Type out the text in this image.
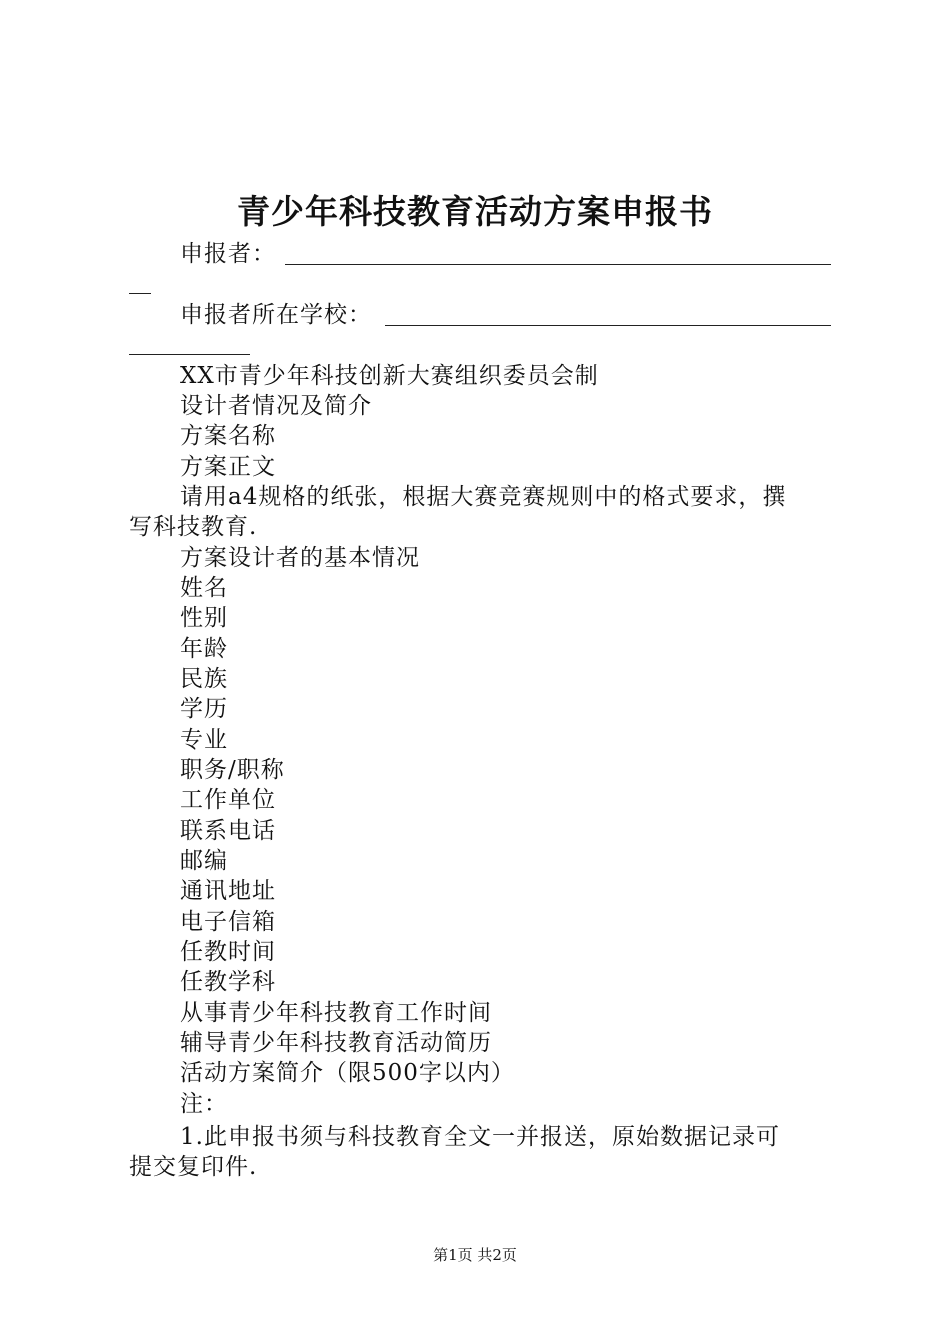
青少年科技教育活动方案申报书
申报者：
申报者所在学校：
XX市青少年科技创新大赛组织委员会制
设计者情况及简介
方案名称
方案正文
请用a4规格的纸张，根据大赛竞赛规则中的格式要求，撰
写科技教育.
方案设计者的基本情况
姓名
性别
年龄
民族
学历
专业
职务/职称
工作单位
联系电话
邮编
通讯地址
电子信箱
任教时间
任教学科
从事青少年科技教育工作时间
辅导青少年科技教育活动简历
活动方案简介（限500字以内）
注：
1.此申报书须与科技教育全文一并报送，原始数据记录可
提交复印件.
第1页 共2页
